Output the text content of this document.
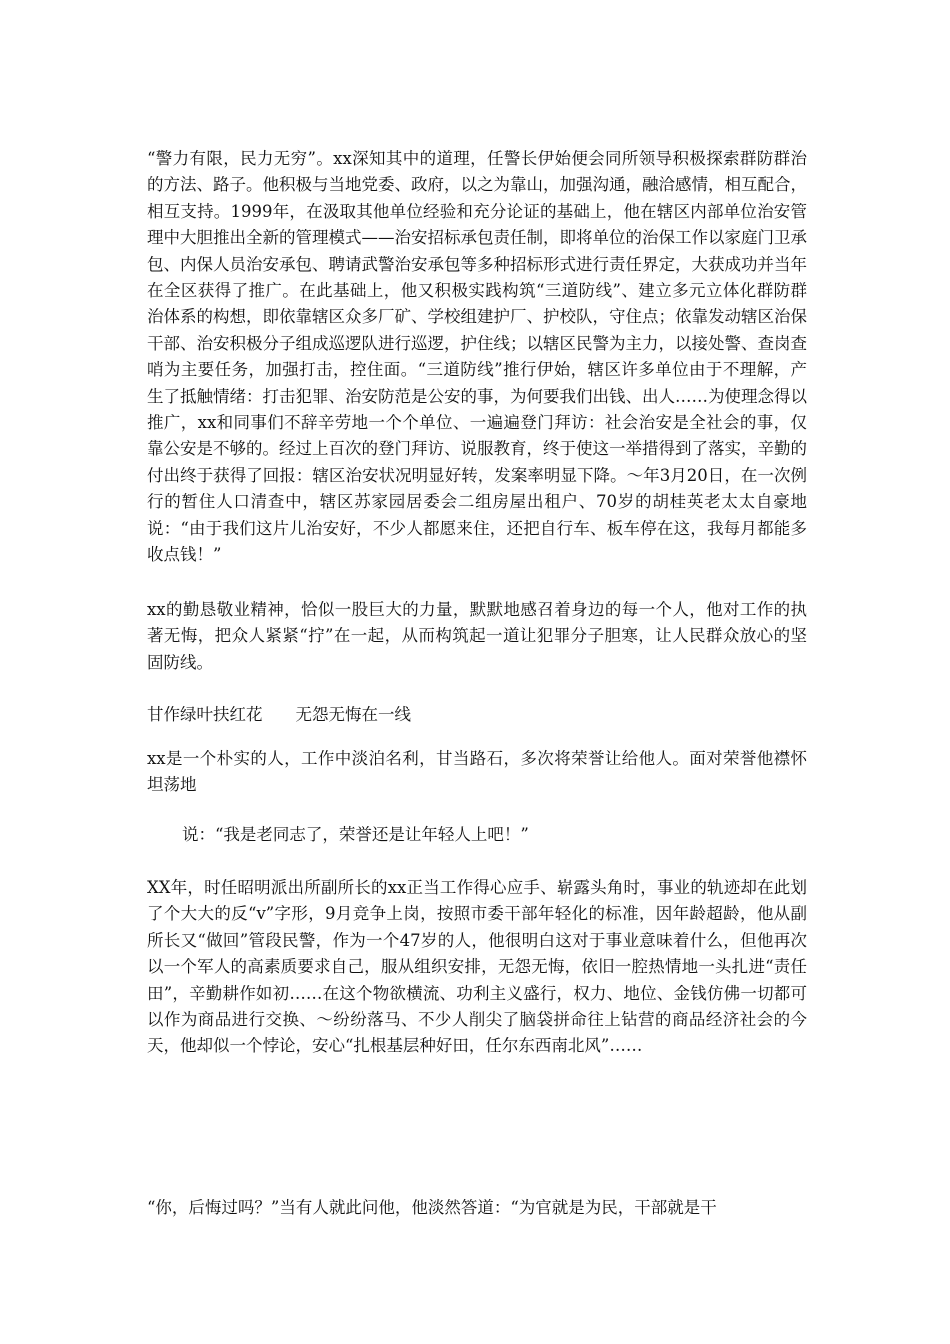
“警力有限，民力无穷”。xx深知其中的道理，任警长伊始便会同所领导积极探索群防群治的方法、路子。他积极与当地党委、政府，以之为靠山，加强沟通，融洽感情，相互配合，相互支持。1999年，在汲取其他单位经验和充分论证的基础上，他在辖区内部单位治安管理中大胆推出全新的管理模式——治安招标承包责任制，即将单位的治保工作以家庭门卫承包、内保人员治安承包、聘请武警治安承包等多种招标形式进行责任界定，大获成功并当年在全区获得了推广。在此基础上，他又积极实践构筑“三道防线”、建立多元立体化群防群治体系的构想，即依靠辖区众多厂矿、学校组建护厂、护校队，守住点；依靠发动辖区治保干部、治安积极分子组成巡逻队进行巡逻，护住线；以辖区民警为主力，以接处警、查岗查哨为主要任务，加强打击，控住面。“三道防线”推行伊始，辖区许多单位由于不理解，产生了抵触情绪：打击犯罪、治安防范是公安的事，为何要我们出钱、出人……为使理念得以推广，xx和同事们不辞辛劳地一个个单位、一遍遍登门拜访：社会治安是全社会的事，仅靠公安是不够的。经过上百次的登门拜访、说服教育，终于使这一举措得到了落实，辛勤的付出终于获得了回报：辖区治安状况明显好转，发案率明显下降。～年3月20日，在一次例行的暂住人口清查中，辖区苏家园居委会二组房屋出租户、70岁的胡桂英老太太自豪地说：“由于我们这片儿治安好，不少人都愿来住，还把自行车、板车停在这，我每月都能多收点钱！”

xx的勤恳敬业精神，恰似一股巨大的力量，默默地感召着身边的每一个人，他对工作的执著无悔，把众人紧紧“拧”在一起，从而构筑起一道让犯罪分子胆寒，让人民群众放心的坚固防线。

甘作绿叶扶红花　　无怨无悔在一线

xx是一个朴实的人，工作中淡泊名利，甘当路石，多次将荣誉让给他人。面对荣誉他襟怀坦荡地

说：“我是老同志了，荣誉还是让年轻人上吧！”

XX年，时任昭明派出所副所长的xx正当工作得心应手、崭露头角时，事业的轨迹却在此划了个大大的反“v”字形，9月竞争上岗，按照市委干部年轻化的标准，因年龄超龄，他从副所长又“做回”管段民警，作为一个47岁的人，他很明白这对于事业意味着什么，但他再次以一个军人的高素质要求自己，服从组织安排，无怨无悔，依旧一腔热情地一头扎进“责任田”，辛勤耕作如初……在这个物欲横流、功利主义盛行，权力、地位、金钱仿佛一切都可以作为商品进行交换、～纷纷落马、不少人削尖了脑袋拼命往上钻营的商品经济社会的今天，他却似一个悖论，安心“扎根基层种好田，任尔东西南北风”……

“你，后悔过吗？”当有人就此问他，他淡然答道：“为官就是为民，干部就是干
